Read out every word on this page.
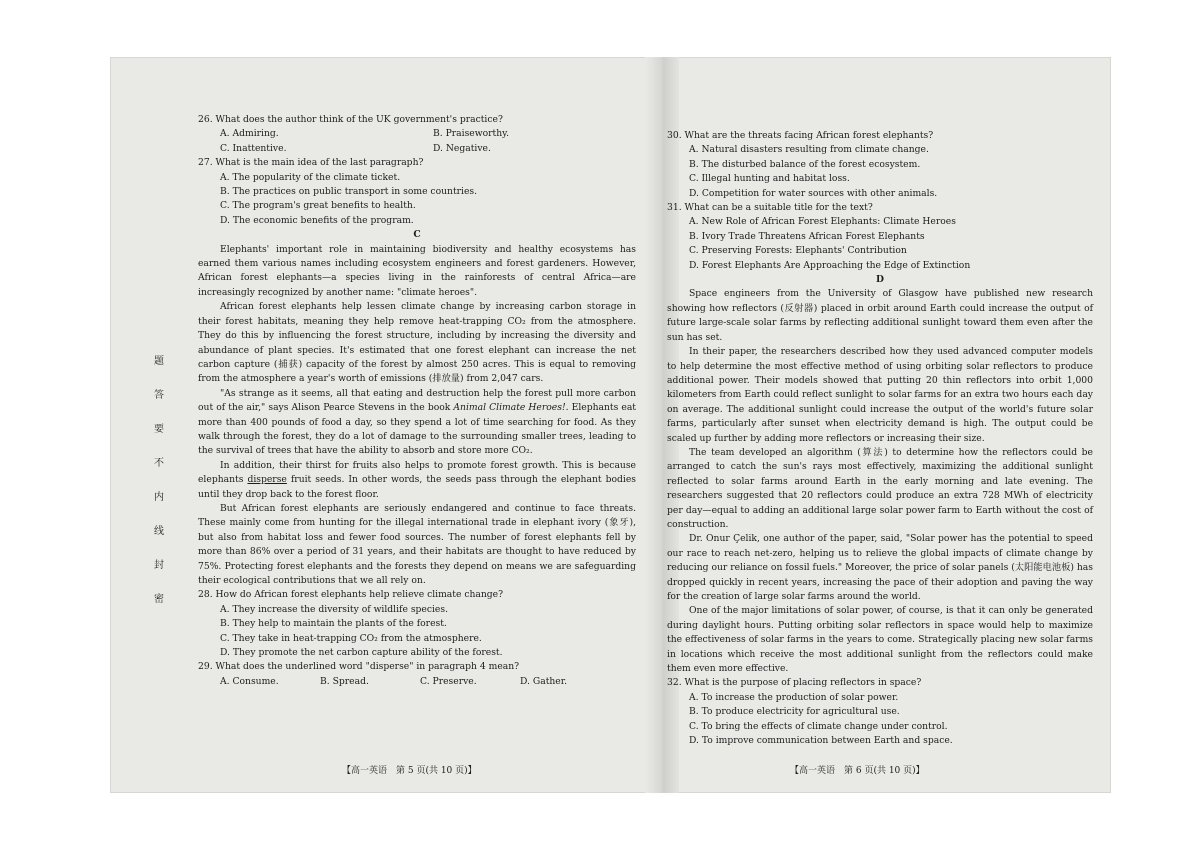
题
答
要
不
内
线
封
密

26. What does the author think of the UK government's practice?

A. Admiring.	B. Praiseworthy.
C. Inattentive.	D. Negative.

27. What is the main idea of the last paragraph?

A. The popularity of the climate ticket.

B. The practices on public transport in some countries.

C. The program's great benefits to health.

D. The economic benefits of the program.

C

Elephants' important role in maintaining biodiversity and healthy ecosystems has earned them various names including ecosystem engineers and forest gardeners. However, African forest elephants—a species living in the rainforests of central Africa—are increasingly recognized by another name: "climate heroes".

African forest elephants help lessen climate change by increasing carbon storage in their forest habitats, meaning they help remove heat-trapping CO₂ from the atmosphere. They do this by influencing the forest structure, including by increasing the diversity and abundance of plant species. It's estimated that one forest elephant can increase the net carbon capture (捕获) capacity of the forest by almost 250 acres. This is equal to removing from the atmosphere a year's worth of emissions (排放量) from 2,047 cars.

"As strange as it seems, all that eating and destruction help the forest pull more carbon out of the air," says Alison Pearce Stevens in the book Animal Climate Heroes!. Elephants eat more than 400 pounds of food a day, so they spend a lot of time searching for food. As they walk through the forest, they do a lot of damage to the surrounding smaller trees, leading to the survival of trees that have the ability to absorb and store more CO₂.

In addition, their thirst for fruits also helps to promote forest growth. This is because elephants disperse fruit seeds. In other words, the seeds pass through the elephant bodies until they drop back to the forest floor.

But African forest elephants are seriously endangered and continue to face threats. These mainly come from hunting for the illegal international trade in elephant ivory (象牙), but also from habitat loss and fewer food sources. The number of forest elephants fell by more than 86% over a period of 31 years, and their habitats are thought to have reduced by 75%. Protecting forest elephants and the forests they depend on means we are safeguarding their ecological contributions that we all rely on.

28. How do African forest elephants help relieve climate change?

A. They increase the diversity of wildlife species.

B. They help to maintain the plants of the forest.

C. They take in heat-trapping CO₂ from the atmosphere.

D. They promote the net carbon capture ability of the forest.

29. What does the underlined word "disperse" in paragraph 4 mean?

A. Consume.	B. Spread.	C. Preserve.	D. Gather.
【高一英语　第 5 页(共 10 页)】

30. What are the threats facing African forest elephants?

A. Natural disasters resulting from climate change.

B. The disturbed balance of the forest ecosystem.

C. Illegal hunting and habitat loss.

D. Competition for water sources with other animals.

31. What can be a suitable title for the text?

A. New Role of African Forest Elephants: Climate Heroes

B. Ivory Trade Threatens African Forest Elephants

C. Preserving Forests: Elephants' Contribution

D. Forest Elephants Are Approaching the Edge of Extinction

D

Space engineers from the University of Glasgow have published new research showing how reflectors (反射器) placed in orbit around Earth could increase the output of future large-scale solar farms by reflecting additional sunlight toward them even after the sun has set.

In their paper, the researchers described how they used advanced computer models to help determine the most effective method of using orbiting solar reflectors to produce additional power. Their models showed that putting 20 thin reflectors into orbit 1,000 kilometers from Earth could reflect sunlight to solar farms for an extra two hours each day on average. The additional sunlight could increase the output of the world's future solar farms, particularly after sunset when electricity demand is high. The output could be scaled up further by adding more reflectors or increasing their size.

The team developed an algorithm (算法) to determine how the reflectors could be arranged to catch the sun's rays most effectively, maximizing the additional sunlight reflected to solar farms around Earth in the early morning and late evening. The researchers suggested that 20 reflectors could produce an extra 728 MWh of electricity per day—equal to adding an additional large solar power farm to Earth without the cost of construction.

Dr. Onur Çelik, one author of the paper, said, "Solar power has the potential to speed our race to reach net-zero, helping us to relieve the global impacts of climate change by reducing our reliance on fossil fuels." Moreover, the price of solar panels (太阳能电池板) has dropped quickly in recent years, increasing the pace of their adoption and paving the way for the creation of large solar farms around the world.

One of the major limitations of solar power, of course, is that it can only be generated during daylight hours. Putting orbiting solar reflectors in space would help to maximize the effectiveness of solar farms in the years to come. Strategically placing new solar farms in locations which receive the most additional sunlight from the reflectors could make them even more effective.

32. What is the purpose of placing reflectors in space?

A. To increase the production of solar power.

B. To produce electricity for agricultural use.

C. To bring the effects of climate change under control.

D. To improve communication between Earth and space.

【高一英语　第 6 页(共 10 页)】
